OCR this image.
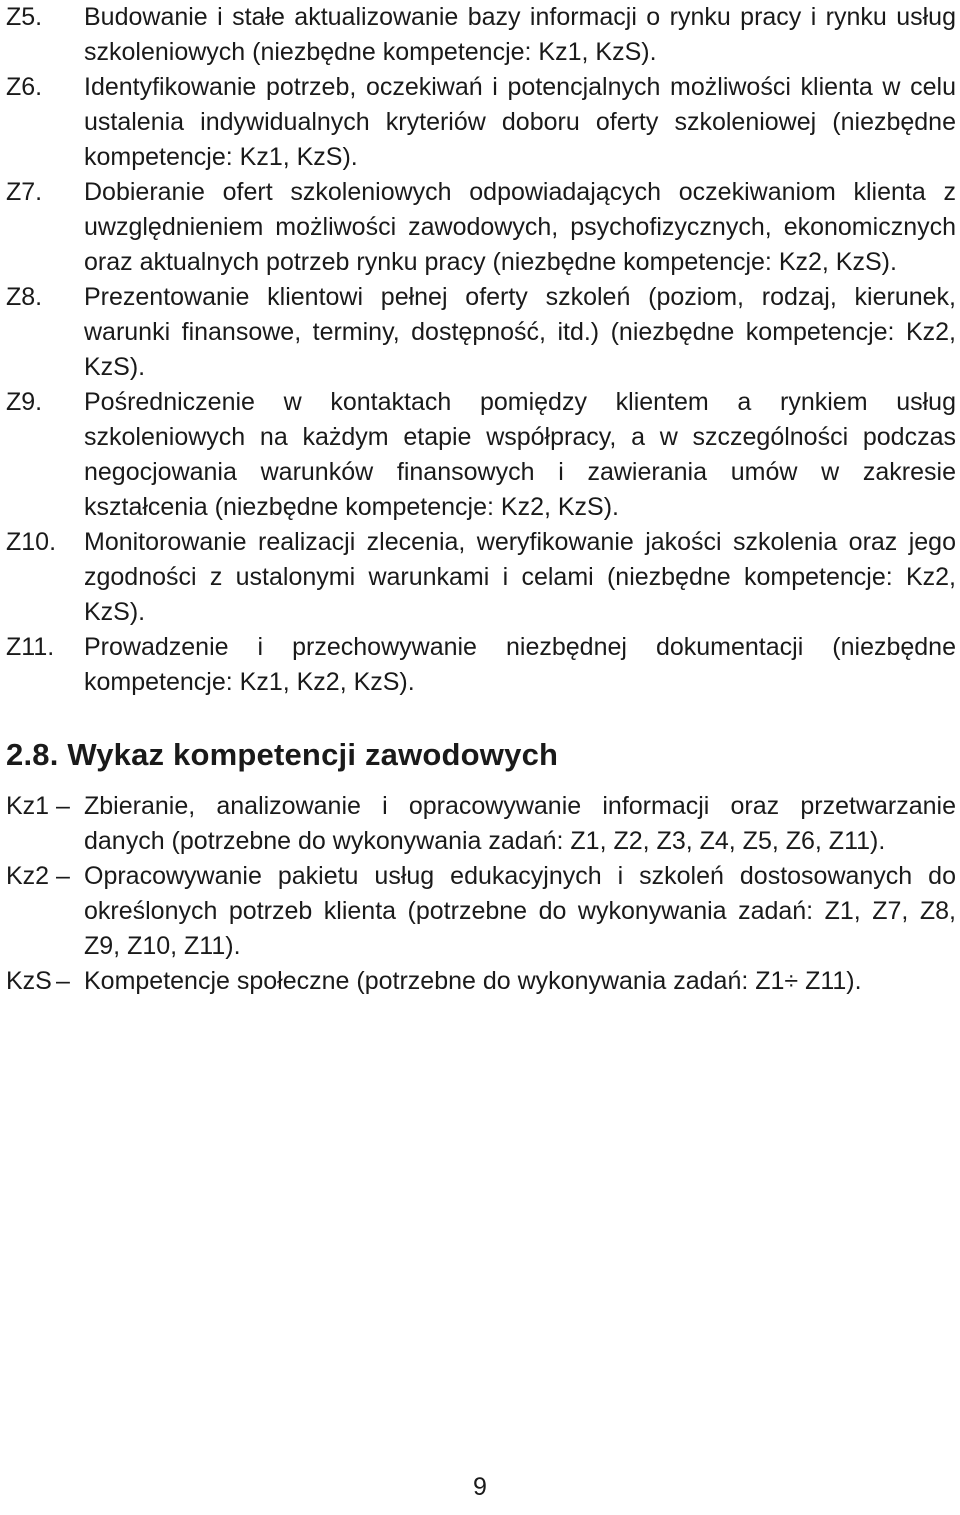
Z5.	Budowanie i stałe aktualizowanie bazy informacji o rynku pracy i rynku usług szkoleniowych (niezbędne kompetencje: Kz1, KzS).
Z6.	Identyfikowanie potrzeb, oczekiwań i potencjalnych możliwości klienta w celu ustalenia indywidualnych kryteriów doboru oferty szkoleniowej (niezbędne kompetencje: Kz1, KzS).
Z7.	Dobieranie ofert szkoleniowych odpowiadających oczekiwaniom klienta z uwzględnieniem możliwości zawodowych, psychofizycznych, ekonomicznych oraz aktualnych potrzeb rynku pracy (niezbędne kompetencje: Kz2, KzS).
Z8.	Prezentowanie klientowi pełnej oferty szkoleń (poziom, rodzaj, kierunek, warunki finansowe, terminy, dostępność, itd.) (niezbędne kompetencje: Kz2, KzS).
Z9.	Pośredniczenie w kontaktach pomiędzy klientem a rynkiem usług szkoleniowych na każdym etapie współpracy, a w szczególności podczas negocjowania warunków finansowych i zawierania umów w zakresie kształcenia (niezbędne kompetencje: Kz2, KzS).
Z10.	Monitorowanie realizacji zlecenia, weryfikowanie jakości szkolenia oraz jego zgodności z ustalonymi warunkami i celami (niezbędne kompetencje: Kz2, KzS).
Z11.	Prowadzenie i przechowywanie niezbędnej dokumentacji (niezbędne kompetencje: Kz1, Kz2, KzS).
2.8. Wykaz kompetencji zawodowych
Kz1 – Zbieranie, analizowanie i opracowywanie informacji oraz przetwarzanie danych (potrzebne do wykonywania zadań: Z1, Z2, Z3, Z4, Z5, Z6, Z11).
Kz2 – Opracowywanie pakietu usług edukacyjnych i szkoleń dostosowanych do określonych potrzeb klienta (potrzebne do wykonywania zadań: Z1, Z7, Z8, Z9, Z10, Z11).
KzS – Kompetencje społeczne (potrzebne do wykonywania zadań: Z1÷ Z11).
9
